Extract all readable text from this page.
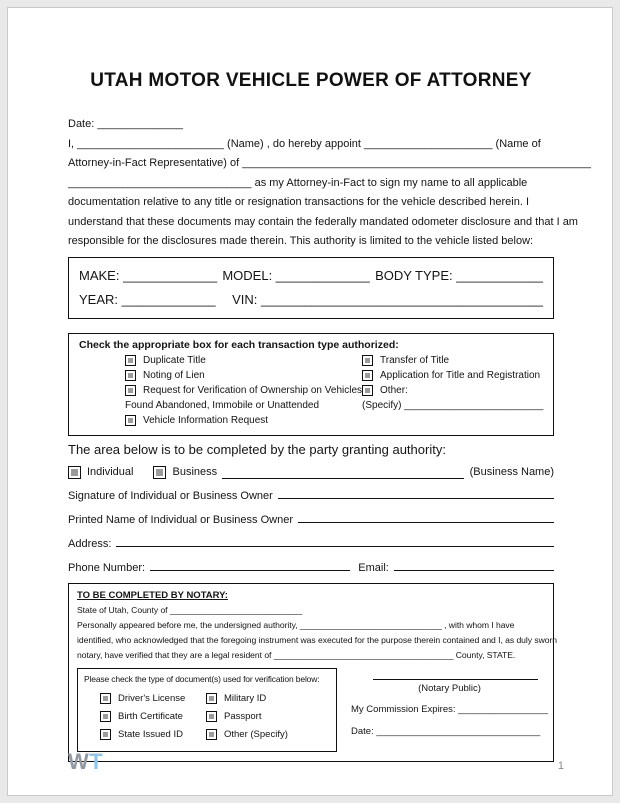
UTAH MOTOR VEHICLE POWER OF ATTORNEY
Date: ______________
I, ________________________ (Name) , do hereby appoint _____________________ (Name of
Attorney-in-Fact Representative) of _________________________________________________________
______________________________ as my Attorney-in-Fact to sign my name to all applicable
documentation relative to any title or resignation transactions for the vehicle described herein. I
understand that these documents may contain the federally mandated odometer disclosure and that I am
responsible for the disclosures made therein. This authority is limited to the vehicle listed below:
MAKE: _____________ MODEL: _____________ BODY TYPE: ____________
YEAR: _____________ VIN: _______________________________________
Check the appropriate box for each transaction type authorized:
Duplicate Title
Noting of Lien
Request for Verification of Ownership on Vehicles
Found Abandoned, Immobile or Unattended
Vehicle Information Request
Transfer of Title
Application for Title and Registration
Other:
(Specify) _________________________
The area below is to be completed by the party granting authority:
Individual	Business	(Business Name)
Signature of Individual or Business Owner
Printed Name of Individual or Business Owner
Address:
Phone Number:	Email:
TO BE COMPLETED BY NOTARY:
State of Utah, County of ____________________________
Personally appeared before me, the undersigned authority, ______________________________ , with whom I have
identified, who acknowledged that the foregoing instrument was executed for the purpose therein contained and I, as duly sworn
notary, have verified that they are a legal resident of ______________________________________ County, STATE.
Please check the type of document(s) used for verification below:
Driver's License
Birth Certificate
State Issued ID
Military ID
Passport
Other (Specify)
(Notary Public)
My Commission Expires: _________________
Date: _______________________________
WT	1
